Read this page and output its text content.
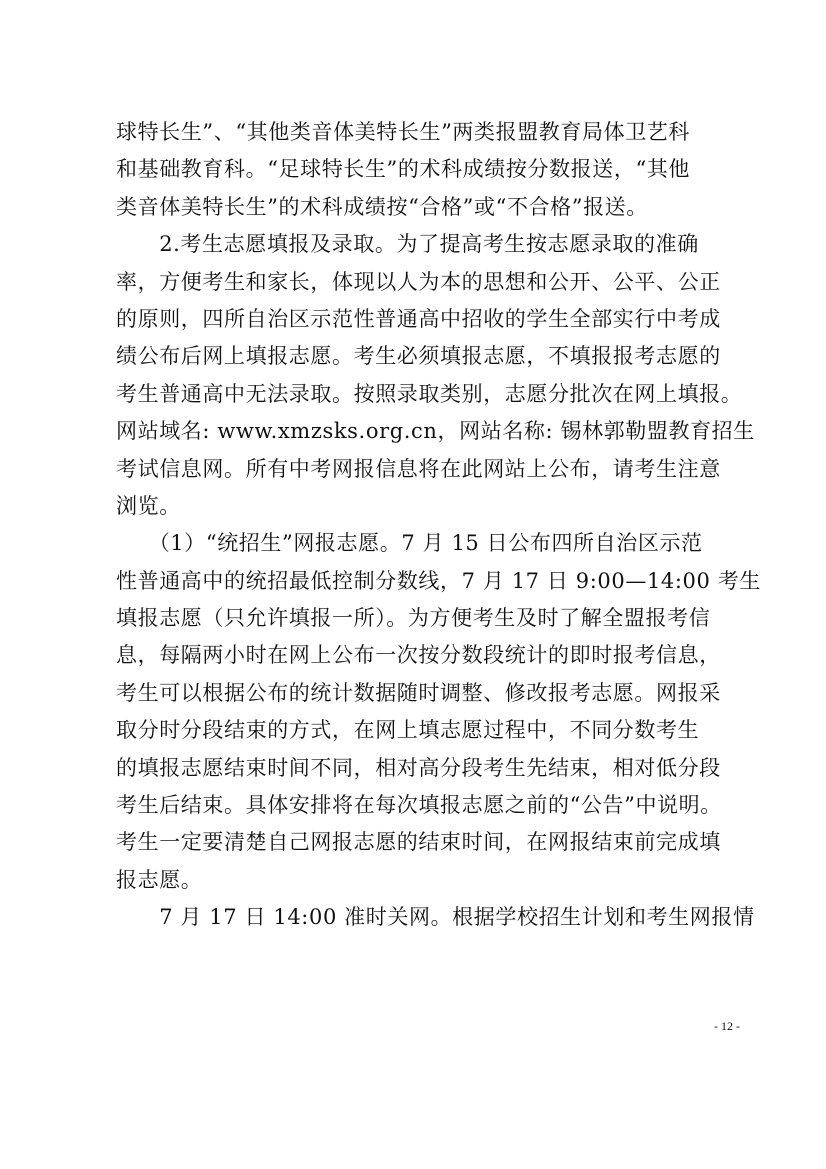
球特长生”、“其他类音体美特长生”两类报盟教育局体卫艺科
和基础教育科。“足球特长生”的术科成绩按分数报送，“其他
类音体美特长生”的术科成绩按“合格”或“不合格”报送。
　　2.考生志愿填报及录取。为了提高考生按志愿录取的准确
率，方便考生和家长，体现以人为本的思想和公开、公平、公正
的原则，四所自治区示范性普通高中招收的学生全部实行中考成
绩公布后网上填报志愿。考生必须填报志愿，不填报报考志愿的
考生普通高中无法录取。按照录取类别，志愿分批次在网上填报。
网站域名: www.xmzsks.org.cn，网站名称: 锡林郭勒盟教育招生
考试信息网。所有中考网报信息将在此网站上公布，请考生注意
浏览。
　　（1）“统招生”网报志愿。7 月 15 日公布四所自治区示范
性普通高中的统招最低控制分数线，7 月 17 日 9:00—14:00 考生
填报志愿（只允许填报一所）。为方便考生及时了解全盟报考信
息，每隔两小时在网上公布一次按分数段统计的即时报考信息，
考生可以根据公布的统计数据随时调整、修改报考志愿。网报采
取分时分段结束的方式，在网上填志愿过程中，不同分数考生
的填报志愿结束时间不同，相对高分段考生先结束，相对低分段
考生后结束。具体安排将在每次填报志愿之前的“公告”中说明。
考生一定要清楚自己网报志愿的结束时间，在网报结束前完成填
报志愿。
　　7 月 17 日 14:00 准时关网。根据学校招生计划和考生网报情
- 12 -
